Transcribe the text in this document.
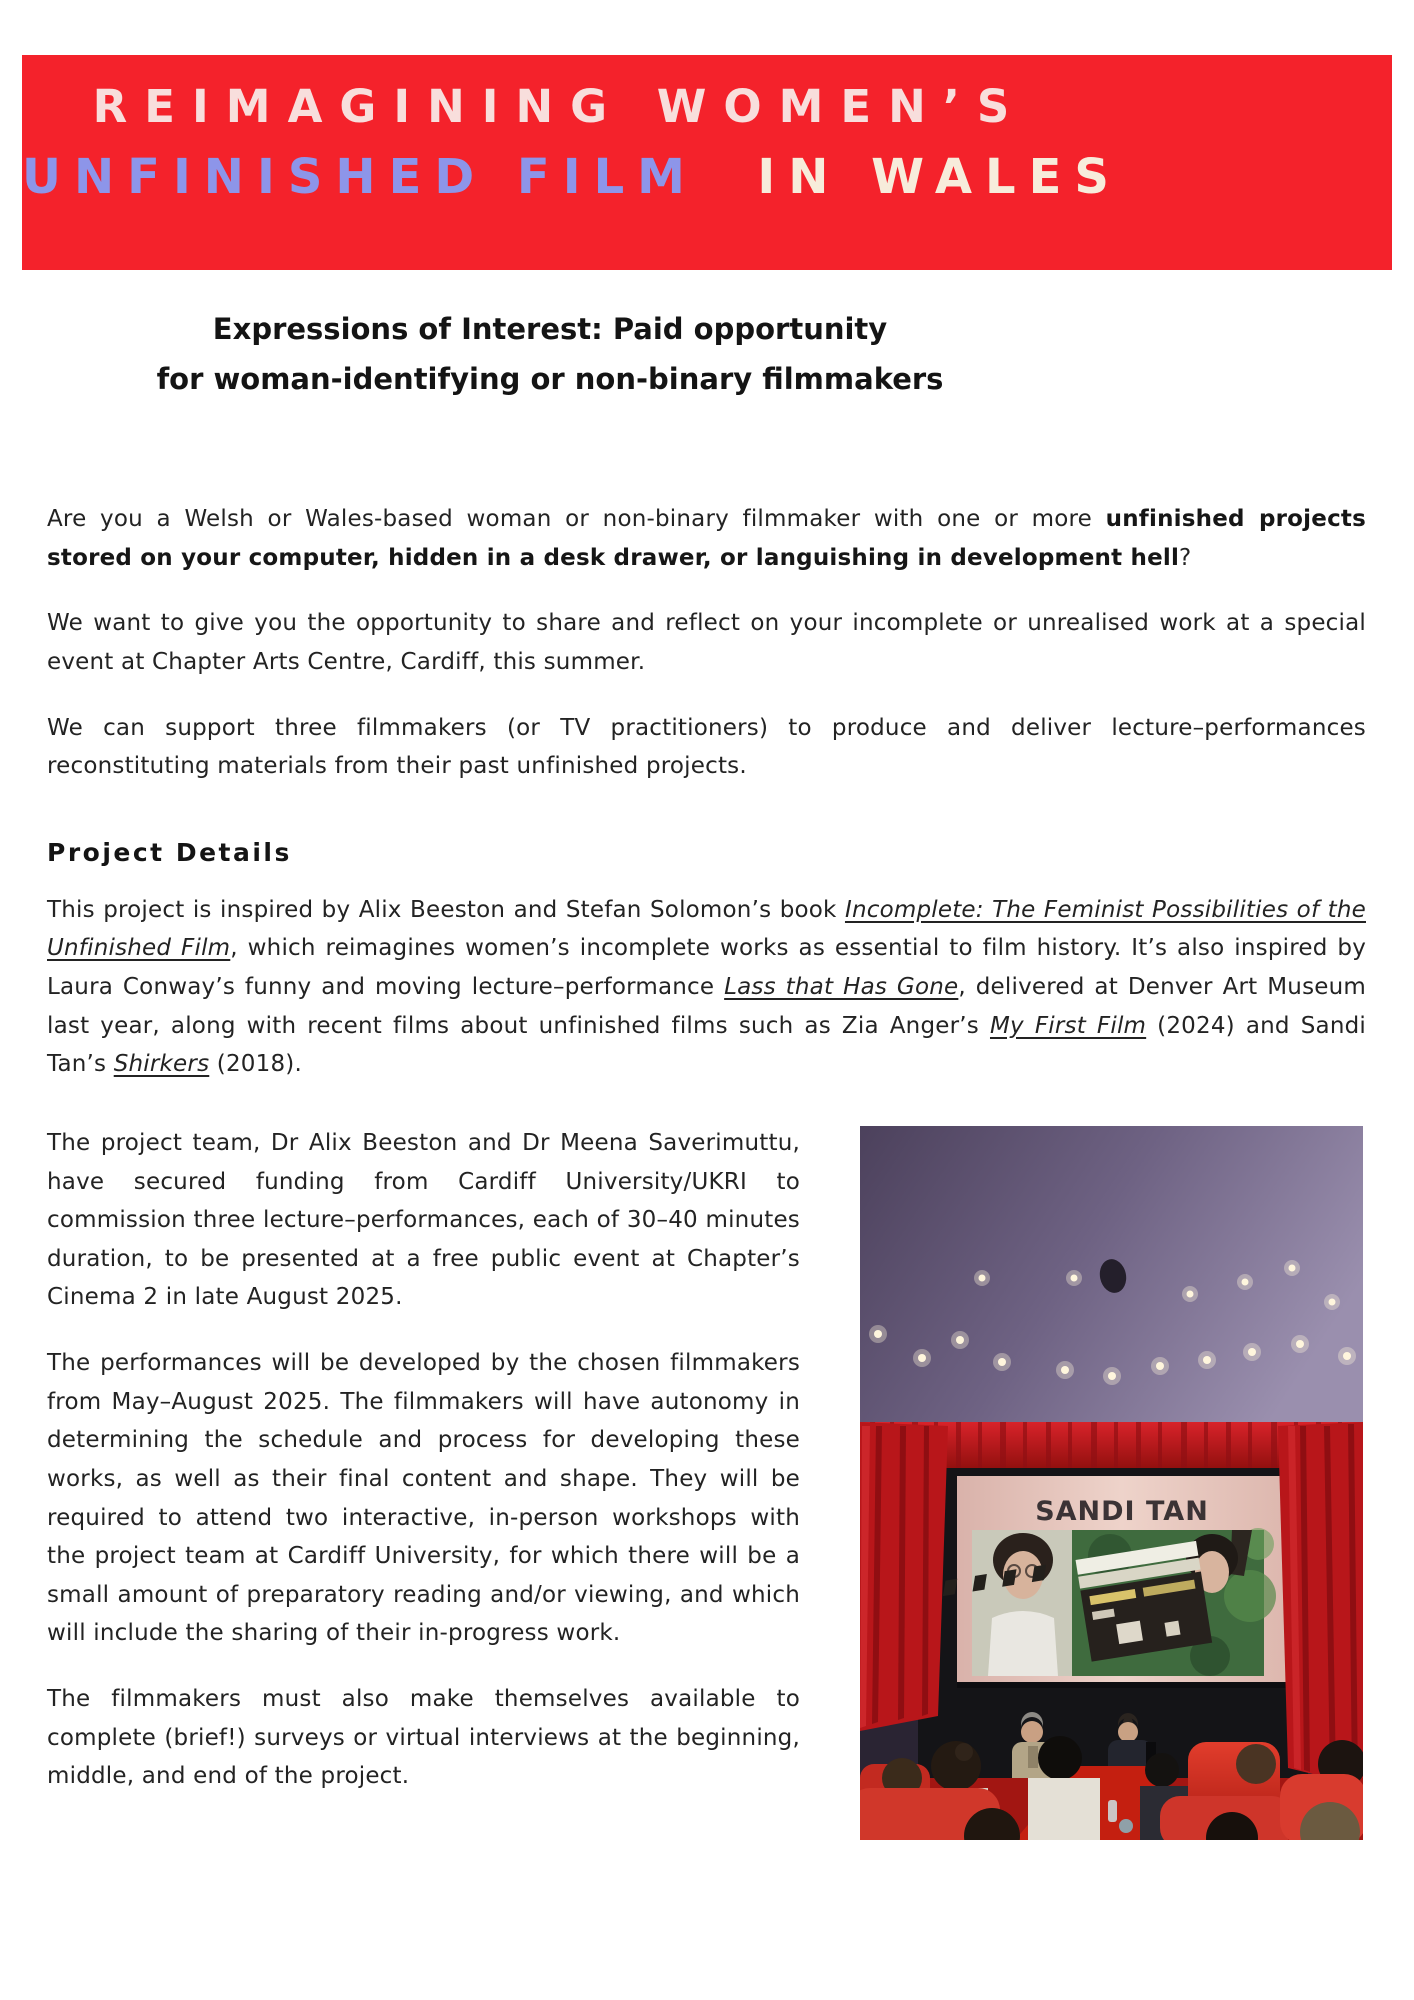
REIMAGINING WOMEN’S
UNFINISHED FILM IN WALES
Expressions of Interest: Paid opportunity
for woman-identifying or non-binary filmmakers

Are you a Welsh or Wales-based woman or non-binary filmmaker with one or more unfinished projects stored on your computer, hidden in a desk drawer, or languishing in development hell?

We want to give you the opportunity to share and reflect on your incomplete or unrealised work at a special event at Chapter Arts Centre, Cardiff, this summer.

We can support three filmmakers (or TV practitioners) to produce and deliver lecture–performances reconstituting materials from their past unfinished projects.

Project Details

This project is inspired by Alix Beeston and Stefan Solomon’s book Incomplete: The Feminist Possibilities of the Unfinished Film, which reimagines women’s incomplete works as essential to film history. It’s also inspired by Laura Conway’s funny and moving lecture–performance Lass that Has Gone, delivered at Denver Art Museum last year, along with recent films about unfinished films such as Zia Anger’s My First Film (2024) and Sandi Tan’s Shirkers (2018).

The project team, Dr Alix Beeston and Dr Meena Saverimuttu, have secured funding from Cardiff University/UKRI to commission three lecture–performances, each of 30–40 minutes duration, to be presented at a free public event at Chapter’s Cinema 2 in late August 2025.

The performances will be developed by the chosen filmmakers from May–August 2025. The filmmakers will have autonomy in determining the schedule and process for developing these works, as well as their final content and shape. They will be required to attend two interactive, in-person workshops with the project team at Cardiff University, for which there will be a small amount of preparatory reading and/or viewing, and which will include the sharing of their in-progress work.

The filmmakers must also make themselves available to complete (brief!) surveys or virtual interviews at the beginning, middle, and end of the project.

SANDI TAN
